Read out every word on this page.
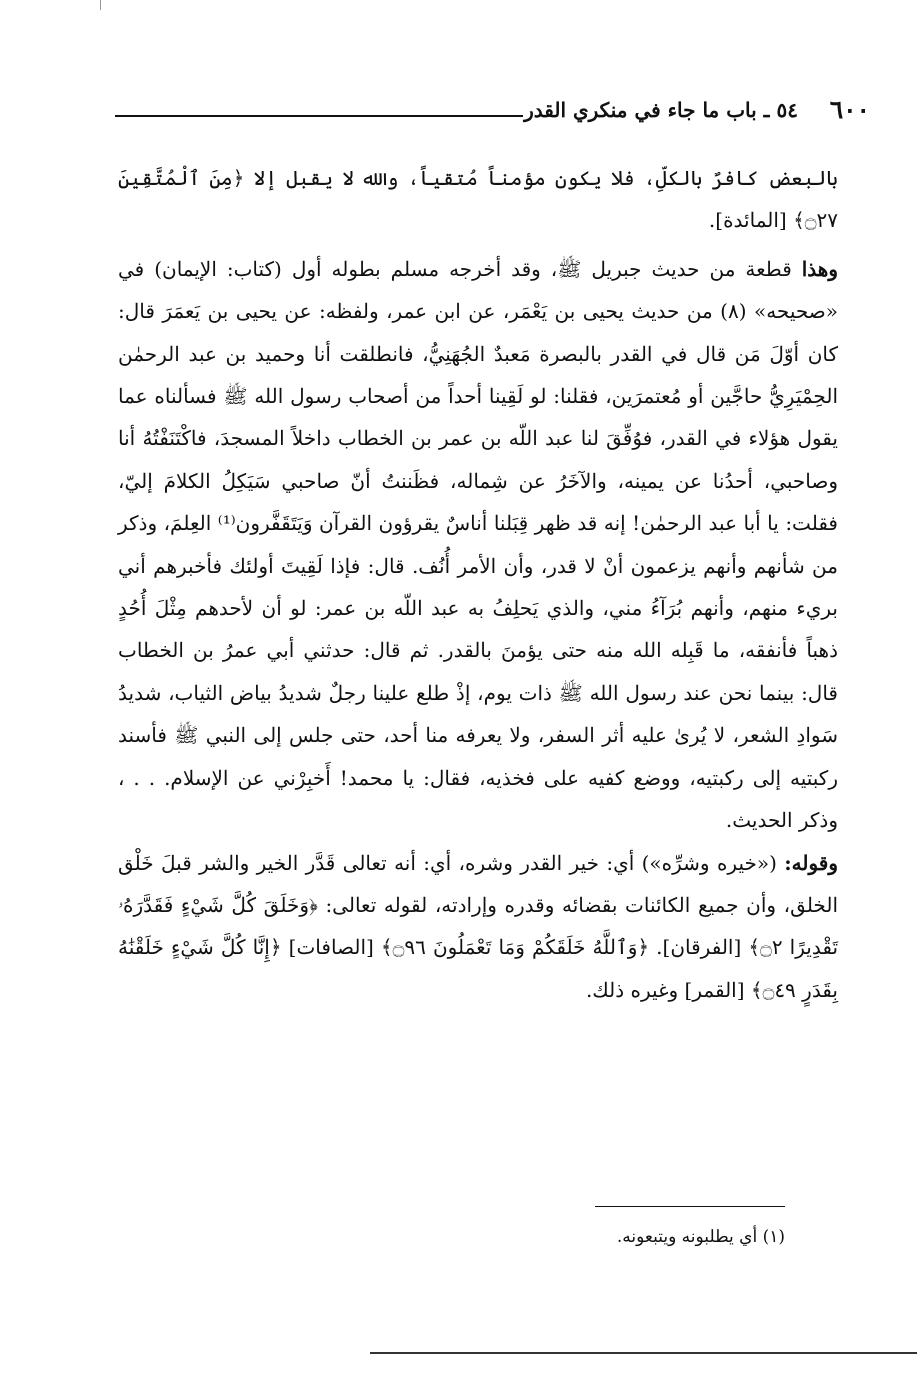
٦٠٠
٥٤ ـ باب ما جاء في منكري القدر

بالبعض كافرٌ بالكلِّ، فلا يكون مؤمناً مُتقياً، والله لا يقبل إلا ﴿مِنَ ٱلْمُتَّقِينَ ۝٢٧﴾ [المائدة].

وهذا قطعة من حديث جبريل ﷺ، وقد أخرجه مسلم بطوله أول (كتاب: الإيمان) في «صحيحه» (٨) من حديث يحيى بن يَعْمَر، عن ابن عمر، ولفظه: عن يحيى بن يَعمَرَ قال: كان أوّلَ مَن قال في القدر بالبصرة مَعبدٌ الجُهَنِيُّ، فانطلقت أنا وحميد بن عبد الرحمٰن الحِمْيَرِيُّ حاجَّين أو مُعتمرَين، فقلنا: لو لَقِينا أحداً من أصحاب رسول الله ﷺ فسألناه عما يقول هؤلاء في القدر، فوُفِّقَ لنا عبد اللّه بن عمر بن الخطاب داخلاً المسجدَ، فاكْتَنَفْتُهُ أنا وصاحبي، أحدُنا عن يمينه، والآخَرُ عن شِماله، فظَننتُ أنّ صاحبي سَيَكِلُ الكلامَ إليّ، فقلت: يا أبا عبد الرحمٰن! إنه قد ظهر قِبَلنا أناسٌ يقرؤون القرآن وَيَتَقَفَّرون⁽¹⁾ العِلمَ، وذكر من شأنهم وأنهم يزعمون أنْ لا قدر، وأن الأمر أُنُف. قال: فإذا لَقِيتَ أولئك فأخبرهم أني بريء منهم، وأنهم بُرَآءُ مني، والذي يَحلِفُ به عبد اللّه بن عمر: لو أن لأحدهم مِثْلَ أُحُدٍ ذهباً فأنفقه، ما قَبِله الله منه حتى يؤمنَ بالقدر. ثم قال: حدثني أبي عمرُ بن الخطاب قال: بينما نحن عند رسول الله ﷺ ذات يوم، إذْ طلع علينا رجلٌ شديدُ بياض الثياب، شديدُ سَوادِ الشعر، لا يُرىٰ عليه أثر السفر، ولا يعرفه منا أحد، حتى جلس إلى النبي ﷺ فأسند ركبتيه إلى ركبتيه، ووضع كفيه على فخذيه، فقال: يا محمد! أَخبِرْني عن الإسلام. . . ، وذكر الحديث.

وقوله: («خيره وشرِّه») أي: خير القدر وشره، أي: أنه تعالى قَدَّر الخير والشر قبلَ خَلْق الخلق، وأن جميع الكائنات بقضائه وقدره وإرادته، لقوله تعالى: ﴿وَخَلَقَ كُلَّ شَيْءٍ فَقَدَّرَهُۥ تَقْدِيرًا ۝٢﴾ [الفرقان]. ﴿وَٱللَّهُ خَلَقَكُمْ وَمَا تَعْمَلُونَ ۝٩٦﴾ [الصافات] ﴿إِنَّا كُلَّ شَيْءٍ خَلَقْنَٰهُ بِقَدَرٍ ۝٤٩﴾ [القمر] وغيره ذلك.

(١) أي يطلبونه ويتبعونه.
